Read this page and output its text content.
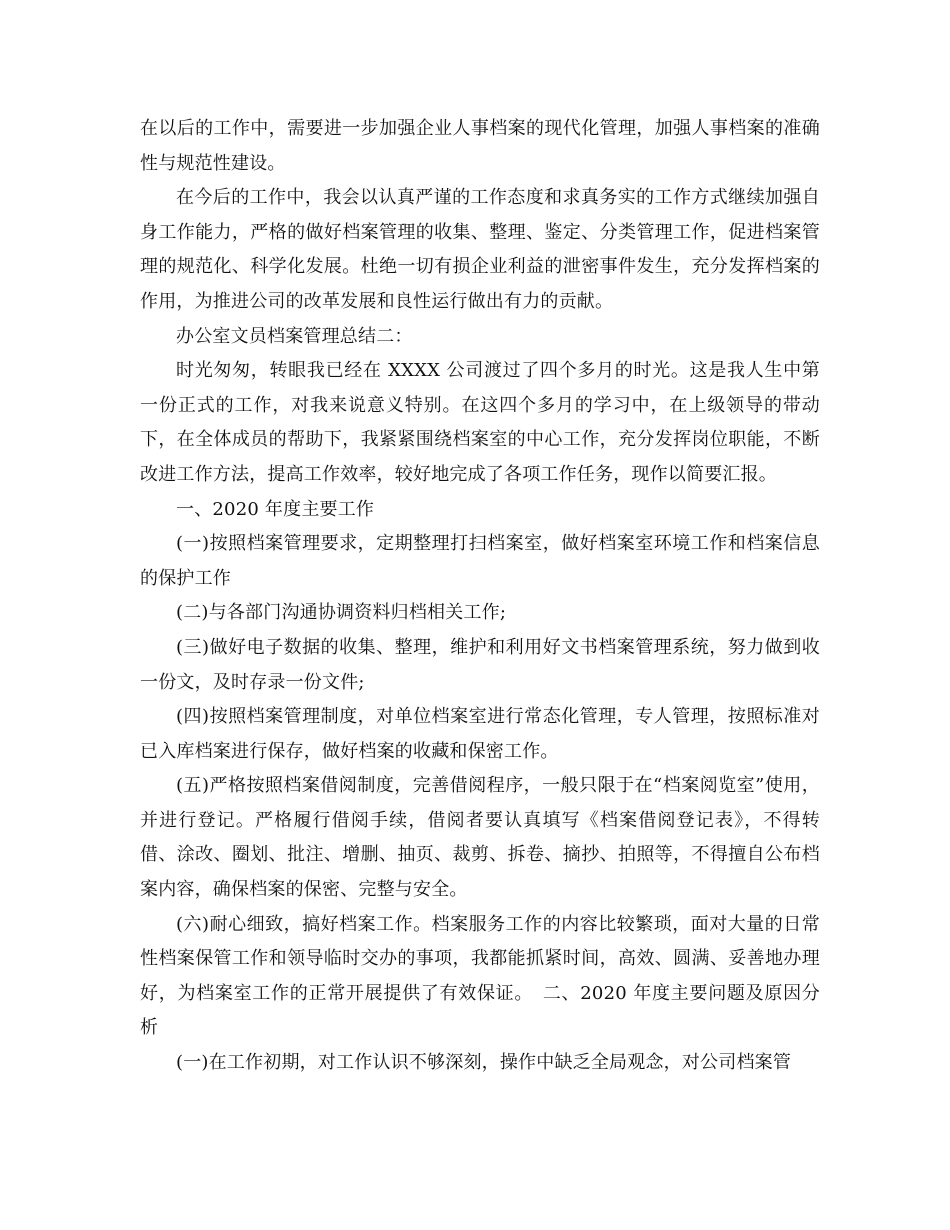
在以后的工作中，需要进一步加强企业人事档案的现代化管理，加强人事档案的准确性与规范性建设。

在今后的工作中，我会以认真严谨的工作态度和求真务实的工作方式继续加强自身工作能力，严格的做好档案管理的收集、整理、鉴定、分类管理工作，促进档案管理的规范化、科学化发展。杜绝一切有损企业利益的泄密事件发生，充分发挥档案的作用，为推进公司的改革发展和良性运行做出有力的贡献。

办公室文员档案管理总结二：

时光匆匆，转眼我已经在 XXXX 公司渡过了四个多月的时光。这是我人生中第一份正式的工作，对我来说意义特别。在这四个多月的学习中，在上级领导的带动下，在全体成员的帮助下，我紧紧围绕档案室的中心工作，充分发挥岗位职能，不断改进工作方法，提高工作效率，较好地完成了各项工作任务，现作以简要汇报。

一、2020 年度主要工作

(一)按照档案管理要求，定期整理打扫档案室，做好档案室环境工作和档案信息的保护工作

(二)与各部门沟通协调资料归档相关工作;

(三)做好电子数据的收集、整理，维护和利用好文书档案管理系统，努力做到收一份文，及时存录一份文件;

(四)按照档案管理制度，对单位档案室进行常态化管理，专人管理，按照标准对已入库档案进行保存，做好档案的收藏和保密工作。

(五)严格按照档案借阅制度，完善借阅程序，一般只限于在“档案阅览室”使用，并进行登记。严格履行借阅手续，借阅者要认真填写《档案借阅登记表》，不得转借、涂改、圈划、批注、增删、抽页、裁剪、拆卷、摘抄、拍照等，不得擅自公布档案内容，确保档案的保密、完整与安全。

(六)耐心细致，搞好档案工作。档案服务工作的内容比较繁琐，面对大量的日常性档案保管工作和领导临时交办的事项，我都能抓紧时间，高效、圆满、妥善地办理好，为档案室工作的正常开展提供了有效保证。　二、2020 年度主要问题及原因分析

(一)在工作初期，对工作认识不够深刻，操作中缺乏全局观念，对公司档案管
